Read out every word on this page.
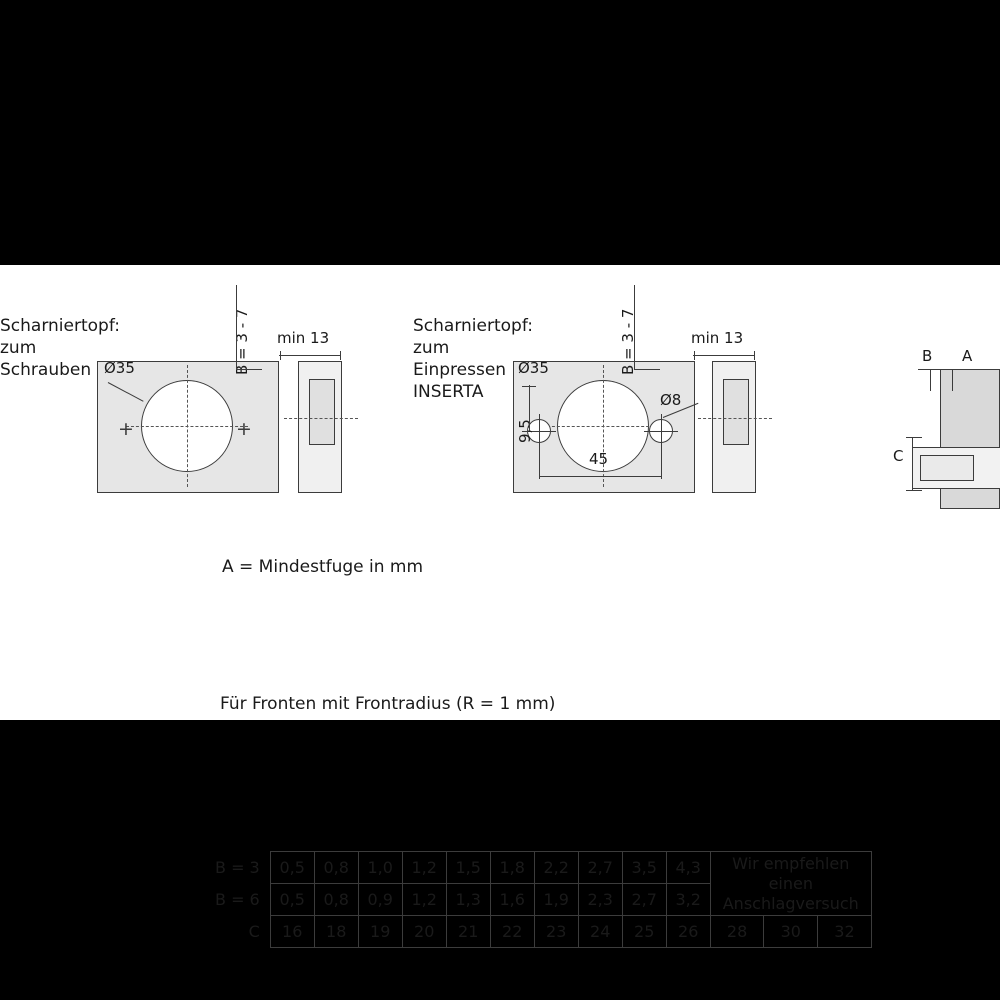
Scharniertopf:
zum
Schrauben Ø35
+	+
B = 3 - 7 min 13
Scharniertopf:
zum
Einpressen
INSERTA
Ø35
Ø8
9,5
45
B = 3 - 7	min 13
B A
C
A = Mindestfuge in mm
B = 3	0,5	0,8	1,0	1,2	1,5	1,8	2,2	2,7	3,5	4,3	Wir empfehlen
einen Anschlagversuch		

B = 6	0,5	0,8	0,9	1,2	1,3	1,6	1,9	2,3	2,7	3,2			
C	16	18	19	20	21	22	23	24	25	26	28	30	32
Für Fronten mit Frontradius (R = 1 mm)
